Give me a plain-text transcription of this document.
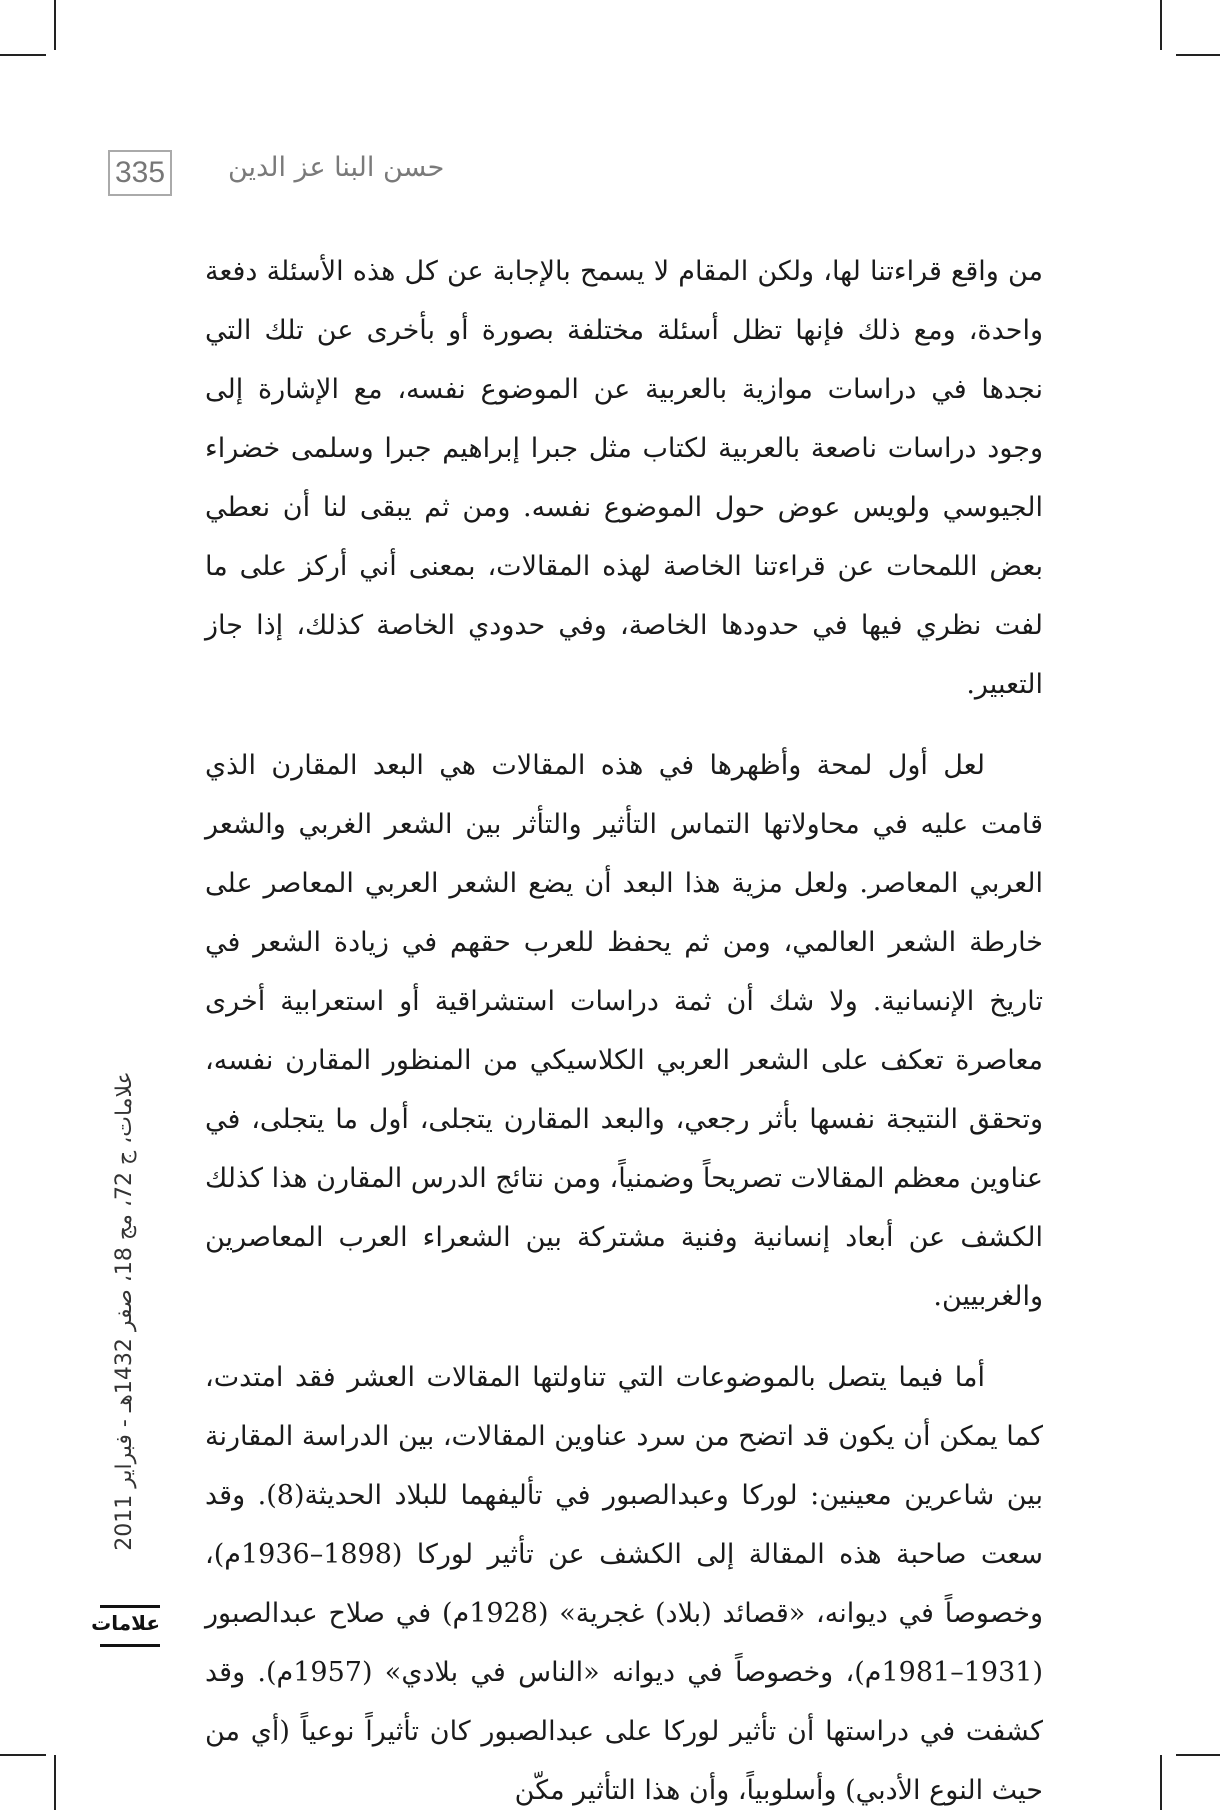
335 حسن البنا عز الدين

من واقع قراءتنا لها، ولكن المقام لا يسمح بالإجابة عن كل هذه الأسئلة دفعة واحدة، ومع ذلك فإنها تظل أسئلة مختلفة بصورة أو بأخرى عن تلك التي نجدها في دراسات موازية بالعربية عن الموضوع نفسه، مع الإشارة إلى وجود دراسات ناصعة بالعربية لكتاب مثل جبرا إبراهيم جبرا وسلمى خضراء الجيوسي ولويس عوض حول الموضوع نفسه. ومن ثم يبقى لنا أن نعطي بعض اللمحات عن قراءتنا الخاصة لهذه المقالات، بمعنى أني أركز على ما لفت نظري فيها في حدودها الخاصة، وفي حدودي الخاصة كذلك، إذا جاز التعبير.

لعل أول لمحة وأظهرها في هذه المقالات هي البعد المقارن الذي قامت عليه في محاولاتها التماس التأثير والتأثر بين الشعر الغربي والشعر العربي المعاصر. ولعل مزية هذا البعد أن يضع الشعر العربي المعاصر على خارطة الشعر العالمي، ومن ثم يحفظ للعرب حقهم في زيادة الشعر في تاريخ الإنسانية. ولا شك أن ثمة دراسات استشراقية أو استعرابية أخرى معاصرة تعكف على الشعر العربي الكلاسيكي من المنظور المقارن نفسه، وتحقق النتيجة نفسها بأثر رجعي، والبعد المقارن يتجلى، أول ما يتجلى، في عناوين معظم المقالات تصريحاً وضمنياً، ومن نتائج الدرس المقارن هذا كذلك الكشف عن أبعاد إنسانية وفنية مشتركة بين الشعراء العرب المعاصرين والغربيين.

أما فيما يتصل بالموضوعات التي تناولتها المقالات العشر فقد امتدت، كما يمكن أن يكون قد اتضح من سرد عناوين المقالات، بين الدراسة المقارنة بين شاعرين معينين: لوركا وعبدالصبور في تأليفهما للبلاد الحديثة(8). وقد سعت صاحبة هذه المقالة إلى الكشف عن تأثير لوركا (1898–1936م)، وخصوصاً في ديوانه، «قصائد (بلاد) غجرية» (1928م) في صلاح عبدالصبور (1931–1981م)، وخصوصاً في ديوانه «الناس في بلادي» (1957م). وقد كشفت في دراستها أن تأثير لوركا على عبدالصبور كان تأثيراً نوعياً (أي من حيث النوع الأدبي) وأسلوبياً، وأن هذا التأثير مكّن

علامات، ج 72، مج 18، صفر 1432هـ - فبراير 2011
علامات
